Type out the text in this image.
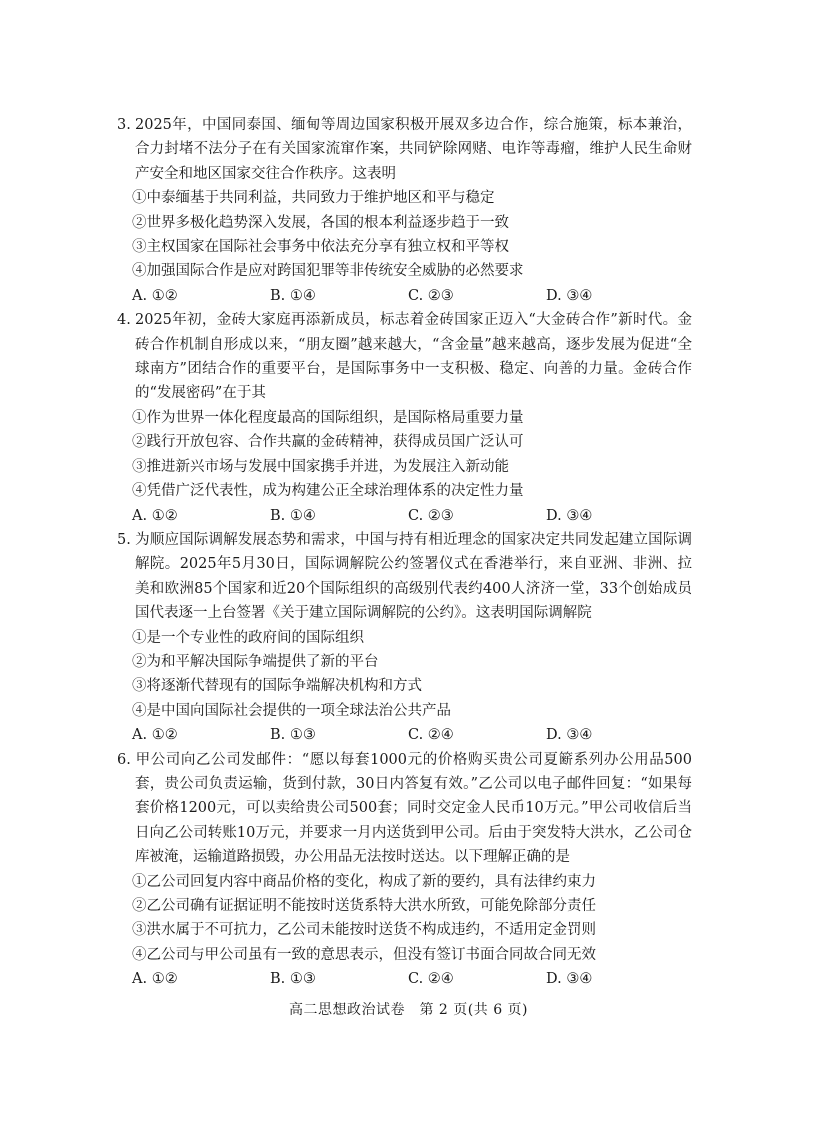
3. 2025年，中国同泰国、缅甸等周边国家积极开展双多边合作，综合施策，标本兼治，合力封堵不法分子在有关国家流窜作案，共同铲除网赌、电诈等毒瘤，维护人民生命财产安全和地区国家交往合作秩序。这表明

①中泰缅基于共同利益，共同致力于维护地区和平与稳定
②世界多极化趋势深入发展，各国的根本利益逐步趋于一致
③主权国家在国际社会事务中依法充分享有独立权和平等权
④加强国际合作是应对跨国犯罪等非传统安全威胁的必然要求
A. ①②	B. ①④	C. ②③	D. ③④

4. 2025年初，金砖大家庭再添新成员，标志着金砖国家正迈入“大金砖合作”新时代。金砖合作机制自形成以来，“朋友圈”越来越大，“含金量”越来越高，逐步发展为促进“全球南方”团结合作的重要平台，是国际事务中一支积极、稳定、向善的力量。金砖合作的“发展密码”在于其

①作为世界一体化程度最高的国际组织，是国际格局重要力量
②践行开放包容、合作共赢的金砖精神，获得成员国广泛认可
③推进新兴市场与发展中国家携手并进，为发展注入新动能
④凭借广泛代表性，成为构建公正全球治理体系的决定性力量
A. ①②	B. ①④	C. ②③	D. ③④

5. 为顺应国际调解发展态势和需求，中国与持有相近理念的国家决定共同发起建立国际调解院。2025年5月30日，国际调解院公约签署仪式在香港举行，来自亚洲、非洲、拉美和欧洲85个国家和近20个国际组织的高级别代表约400人济济一堂，33个创始成员国代表逐一上台签署《关于建立国际调解院的公约》。这表明国际调解院

①是一个专业性的政府间的国际组织
②为和平解决国际争端提供了新的平台
③将逐渐代替现有的国际争端解决机构和方式
④是中国向国际社会提供的一项全球法治公共产品
A. ①②	B. ①③	C. ②④	D. ③④

6. 甲公司向乙公司发邮件：“愿以每套1000元的价格购买贵公司夏簖系列办公用品500套，贵公司负责运输，货到付款，30日内答复有效。”乙公司以电子邮件回复：“如果每套价格1200元，可以卖给贵公司500套；同时交定金人民币10万元。”甲公司收信后当日向乙公司转账10万元，并要求一月内送货到甲公司。后由于突发特大洪水，乙公司仓库被淹，运输道路损毁，办公用品无法按时送达。以下理解正确的是

①乙公司回复内容中商品价格的变化，构成了新的要约，具有法律约束力
②乙公司确有证据证明不能按时送货系特大洪水所致，可能免除部分责任
③洪水属于不可抗力，乙公司未能按时送货不构成违约，不适用定金罚则
④乙公司与甲公司虽有一致的意思表示，但没有签订书面合同故合同无效
A. ①②	B. ①③	C. ②④	D. ③④
高二思想政治试卷　第 2 页(共 6 页)
